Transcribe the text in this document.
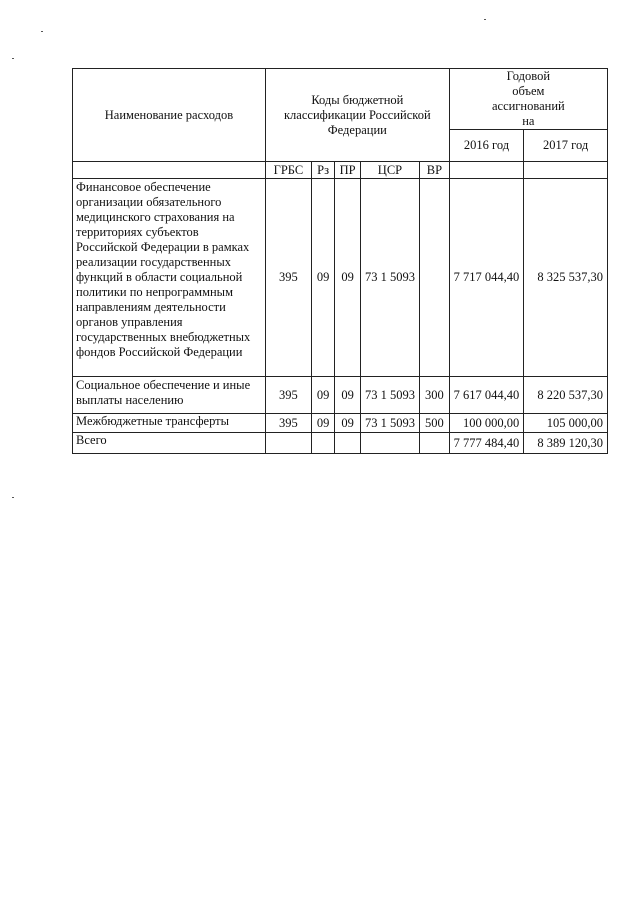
Наименование расходов	Коды бюджетной классификации Российской Федерации					Годовой объем ассигнований на	
						2016 год	2017 год
	ГРБС	Рз	ПР	ЦСР	ВР		
Финансовое обеспечение организации обязательного медицинского страхования на территориях субъектов Российской Федерации в рамках реализации государственных функций в области социальной политики по непрограммным направлениям деятельности органов управления государственных внебюджетных фондов Российской Федерации	395	09	09	73 1 5093		7 717 044,40	8 325 537,30
Социальное обеспечение и иные выплаты населению	395	09	09	73 1 5093	300	7 617 044,40	8 220 537,30
Межбюджетные трансферты	395	09	09	73 1 5093	500	100 000,00	105 000,00
Всего						7 777 484,40	8 389 120,30
